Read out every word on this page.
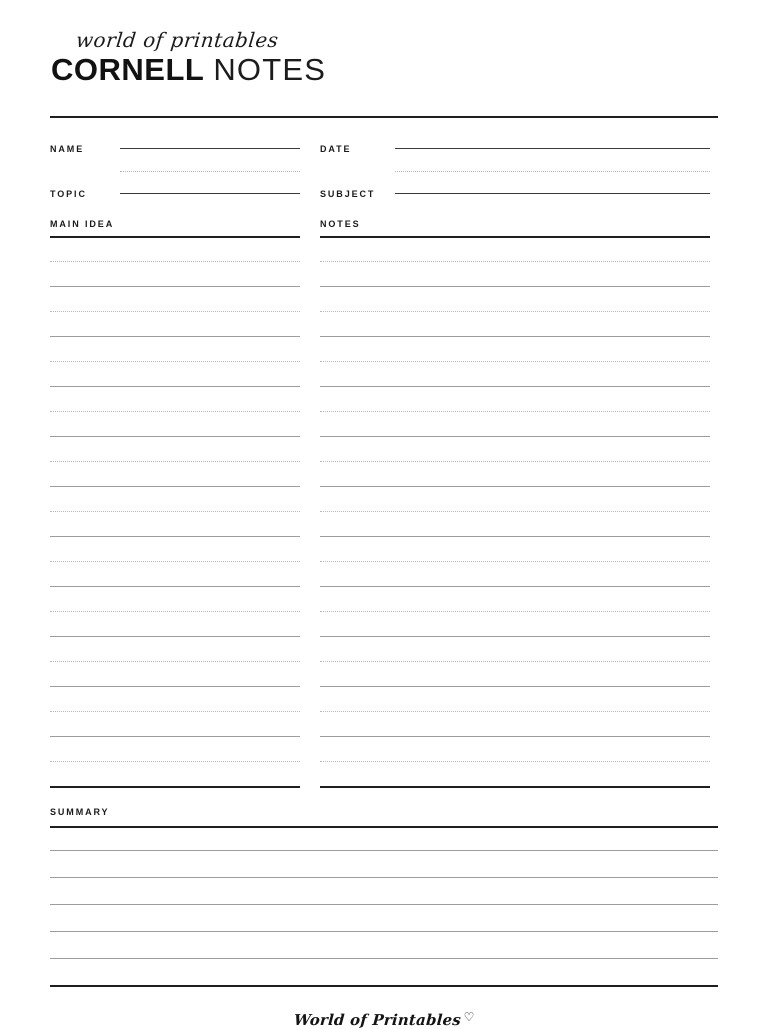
world of printables
CORNELL NOTES
NAME
TOPIC
DATE
SUBJECT
MAIN IDEA	NOTES
SUMMARY
World of Printables ♡
